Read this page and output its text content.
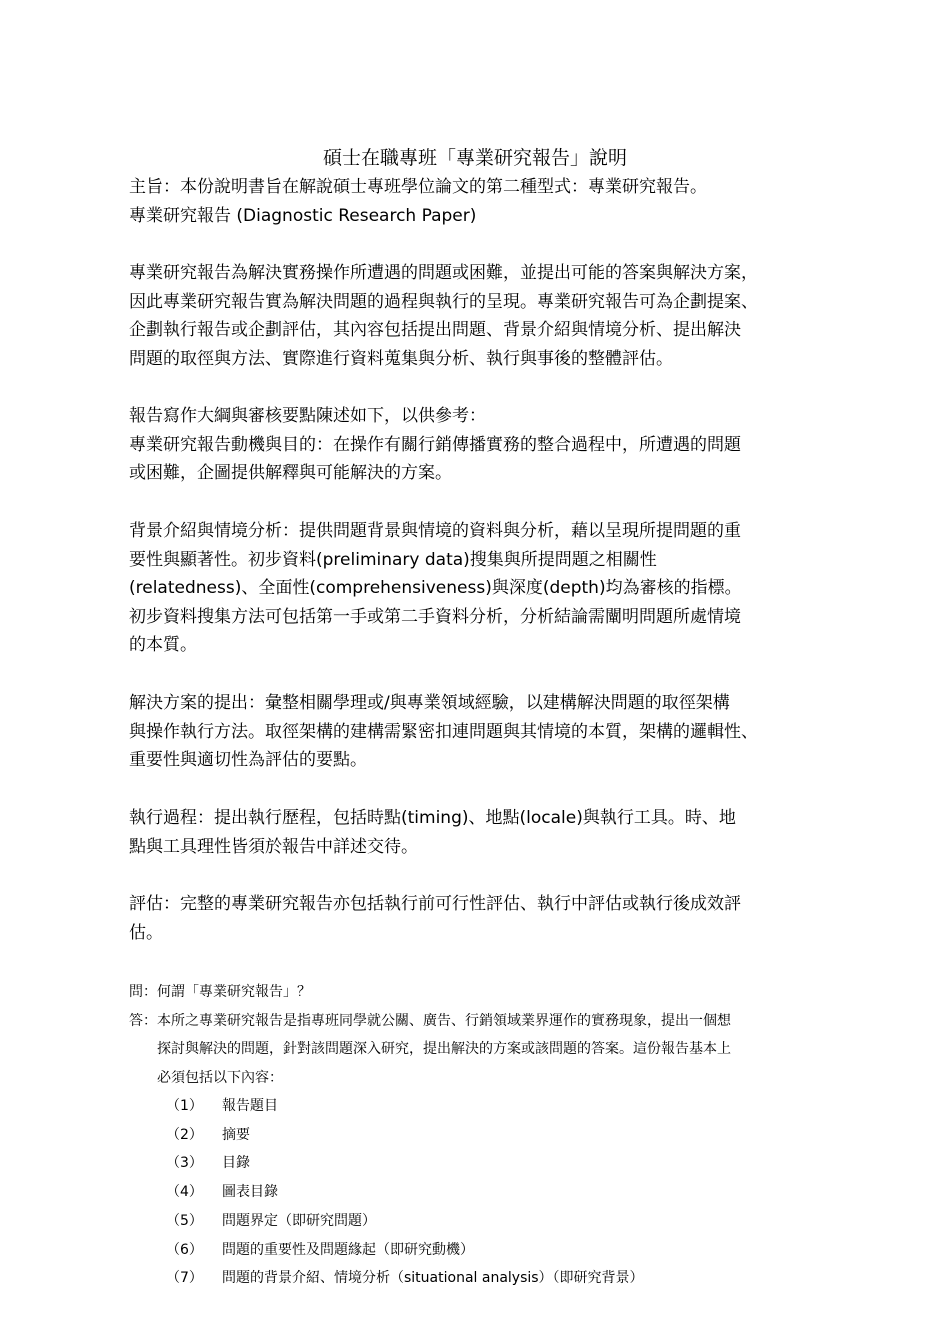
碩士在職專班「專業研究報告」說明
主旨：本份說明書旨在解說碩士專班學位論文的第二種型式：專業研究報告。
專業研究報告 (Diagnostic Research Paper)
專業研究報告為解決實務操作所遭遇的問題或困難，並提出可能的答案與解決方案，
因此專業研究報告實為解決問題的過程與執行的呈現。專業研究報告可為企劃提案、
企劃執行報告或企劃評估，其內容包括提出問題、背景介紹與情境分析、提出解決
問題的取徑與方法、實際進行資料蒐集與分析、執行與事後的整體評估。
報告寫作大綱與審核要點陳述如下，以供參考：
專業研究報告動機與目的：在操作有關行銷傳播實務的整合過程中，所遭遇的問題
或困難，企圖提供解釋與可能解決的方案。
背景介紹與情境分析：提供問題背景與情境的資料與分析，藉以呈現所提問題的重
要性與顯著性。初步資料(preliminary data)搜集與所提問題之相關性
(relatedness)、全面性(comprehensiveness)與深度(depth)均為審核的指標。
初步資料搜集方法可包括第一手或第二手資料分析，分析結論需闡明問題所處情境
的本質。
解決方案的提出：彙整相關學理或/與專業領域經驗，以建構解決問題的取徑架構
與操作執行方法。取徑架構的建構需緊密扣連問題與其情境的本質，架構的邏輯性、
重要性與適切性為評估的要點。
執行過程：提出執行歷程，包括時點(timing)、地點(locale)與執行工具。時、地
點與工具理性皆須於報告中詳述交待。
評估：完整的專業研究報告亦包括執行前可行性評估、執行中評估或執行後成效評
估。
問：何謂「專業研究報告」？
答：本所之專業研究報告是指專班同學就公關、廣告、行銷領域業界運作的實務現象，提出一個想
探討與解決的問題，針對該問題深入研究，提出解決的方案或該問題的答案。這份報告基本上
必須包括以下內容：
（1） 報告題目
（2） 摘要
（3） 目錄
（4） 圖表目錄
（5） 問題界定（即研究問題）
（6） 問題的重要性及問題緣起（即研究動機）
（7） 問題的背景介紹、情境分析（situational analysis）（即研究背景）
